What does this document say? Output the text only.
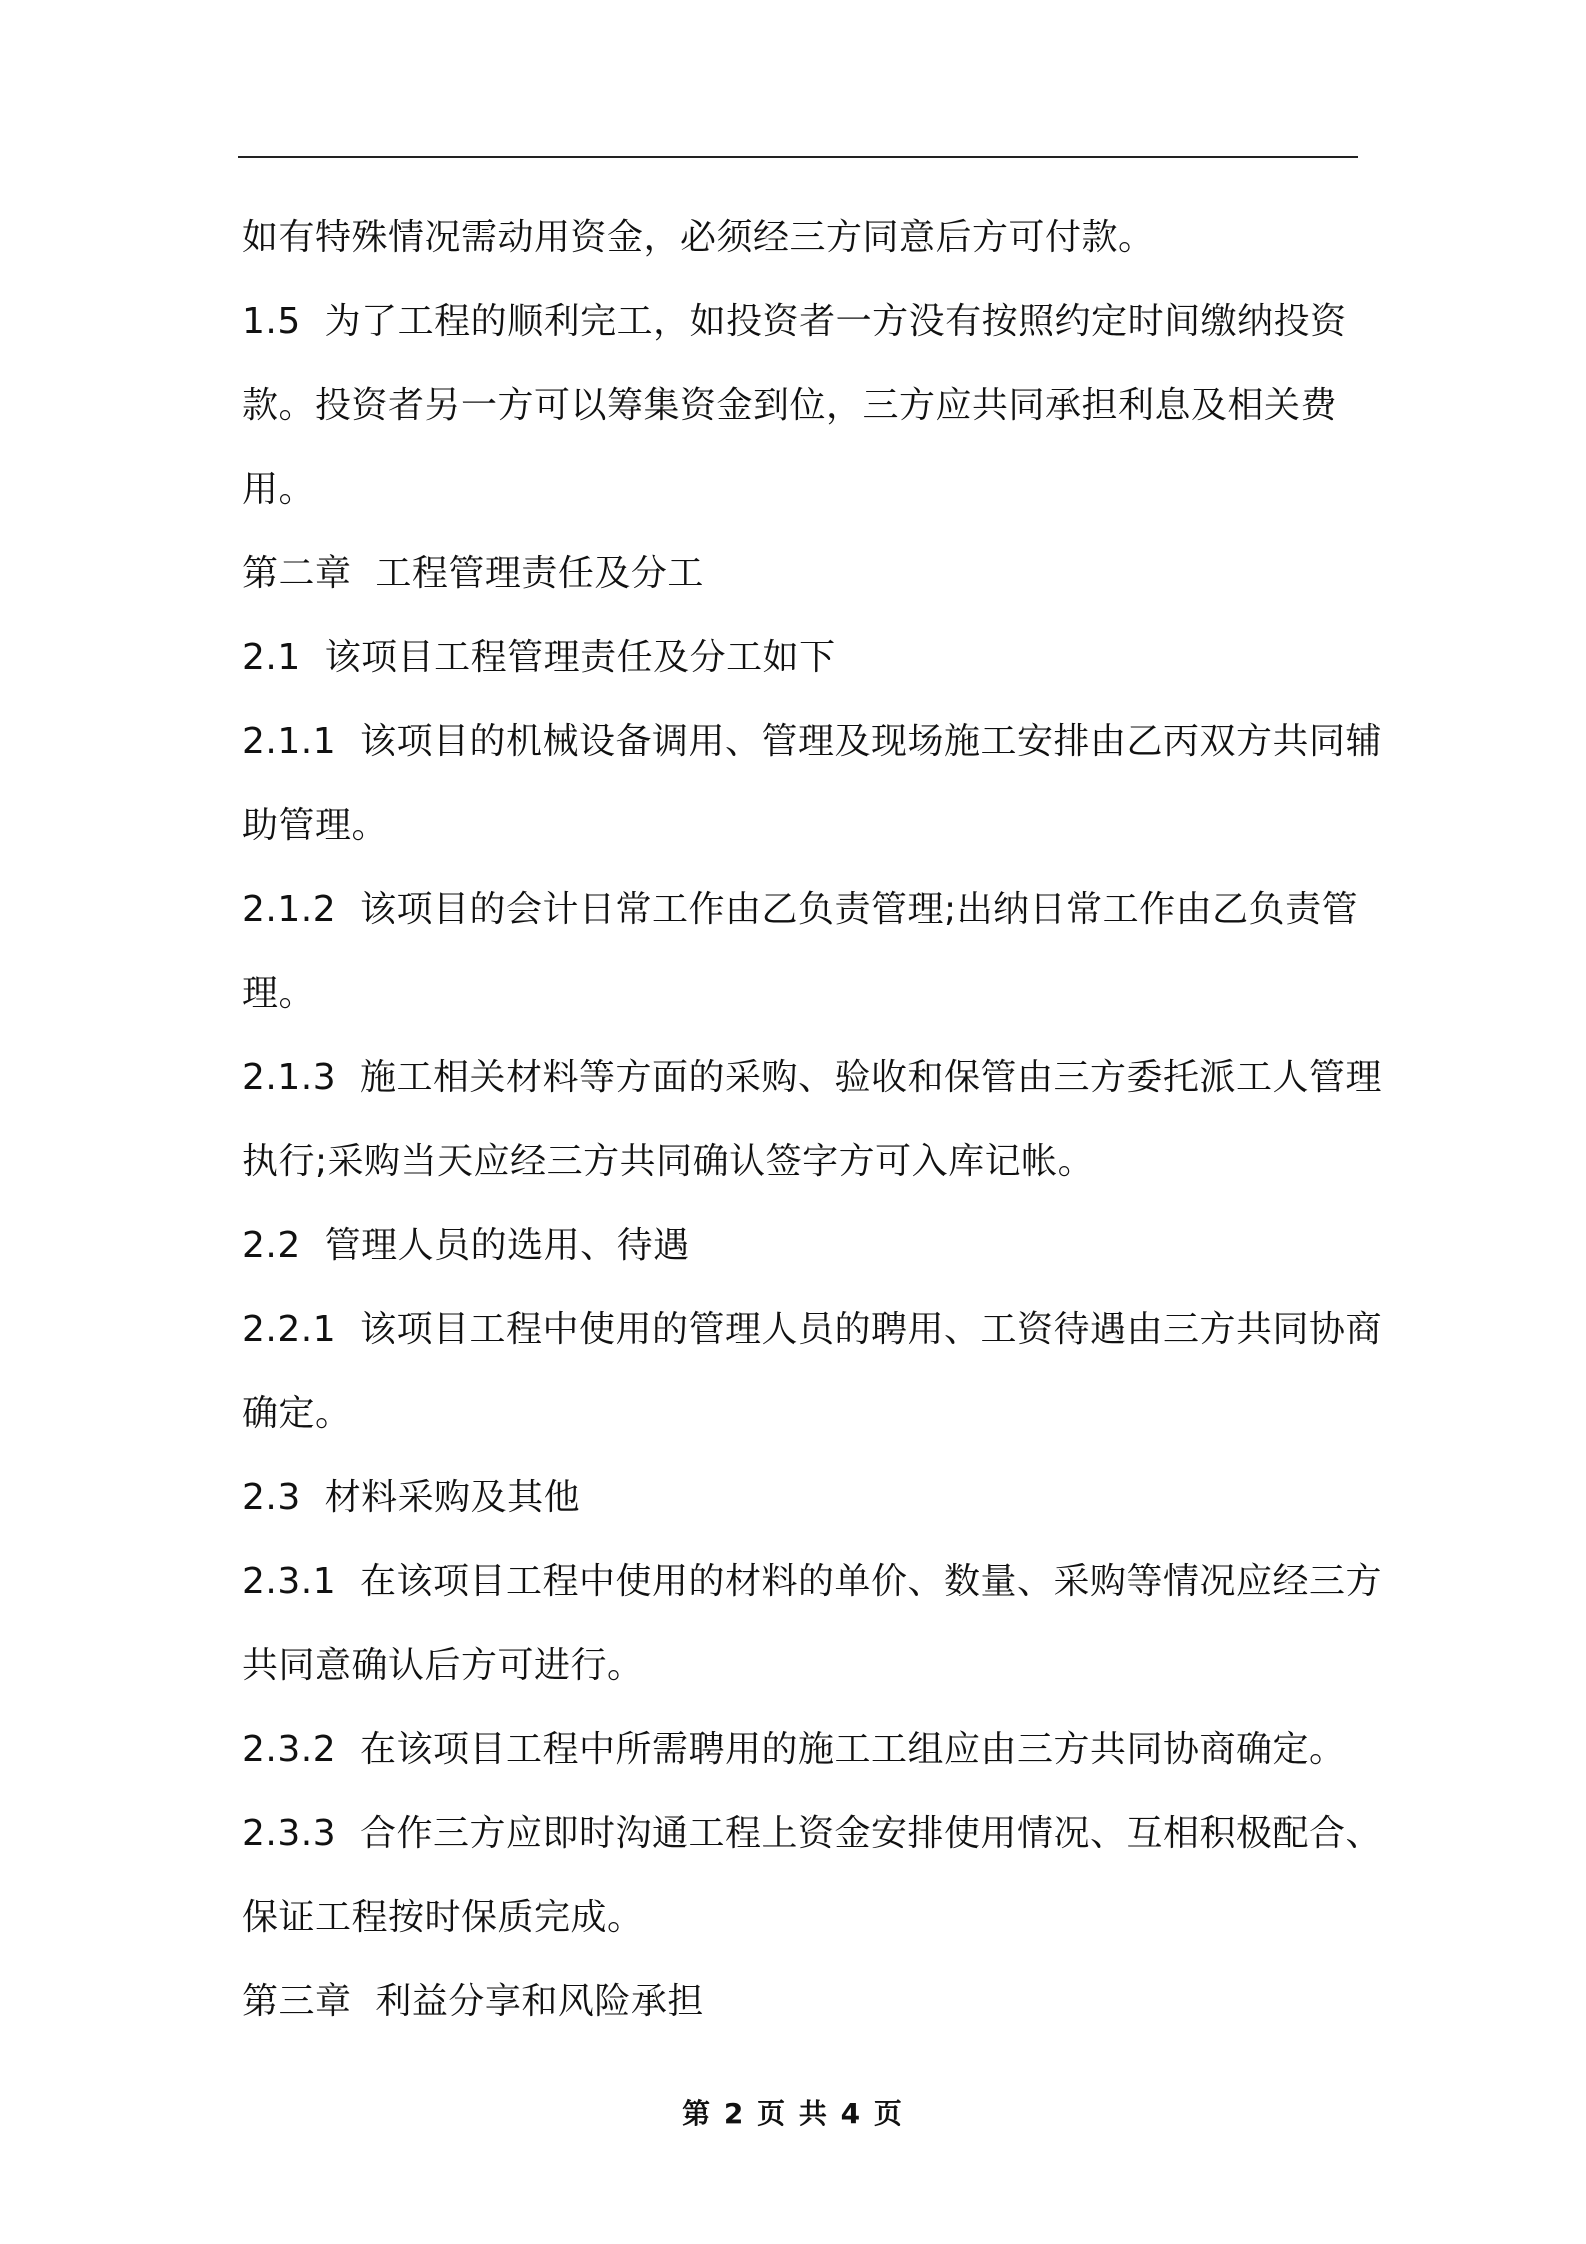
如有特殊情况需动用资金，必须经三方同意后方可付款。

1.5  为了工程的顺利完工，如投资者一方没有按照约定时间缴纳投资款。投资者另一方可以筹集资金到位，三方应共同承担利息及相关费用。

第二章  工程管理责任及分工

2.1  该项目工程管理责任及分工如下

2.1.1  该项目的机械设备调用、管理及现场施工安排由乙丙双方共同辅助管理。

2.1.2  该项目的会计日常工作由乙负责管理;出纳日常工作由乙负责管理。

2.1.3  施工相关材料等方面的采购、验收和保管由三方委托派工人管理执行;采购当天应经三方共同确认签字方可入库记帐。

2.2  管理人员的选用、待遇

2.2.1  该项目工程中使用的管理人员的聘用、工资待遇由三方共同协商确定。

2.3  材料采购及其他

2.3.1  在该项目工程中使用的材料的单价、数量、采购等情况应经三方共同意确认后方可进行。

2.3.2  在该项目工程中所需聘用的施工工组应由三方共同协商确定。

2.3.3  合作三方应即时沟通工程上资金安排使用情况、互相积极配合、保证工程按时保质完成。

第三章  利益分享和风险承担

第 2 页 共 4 页
